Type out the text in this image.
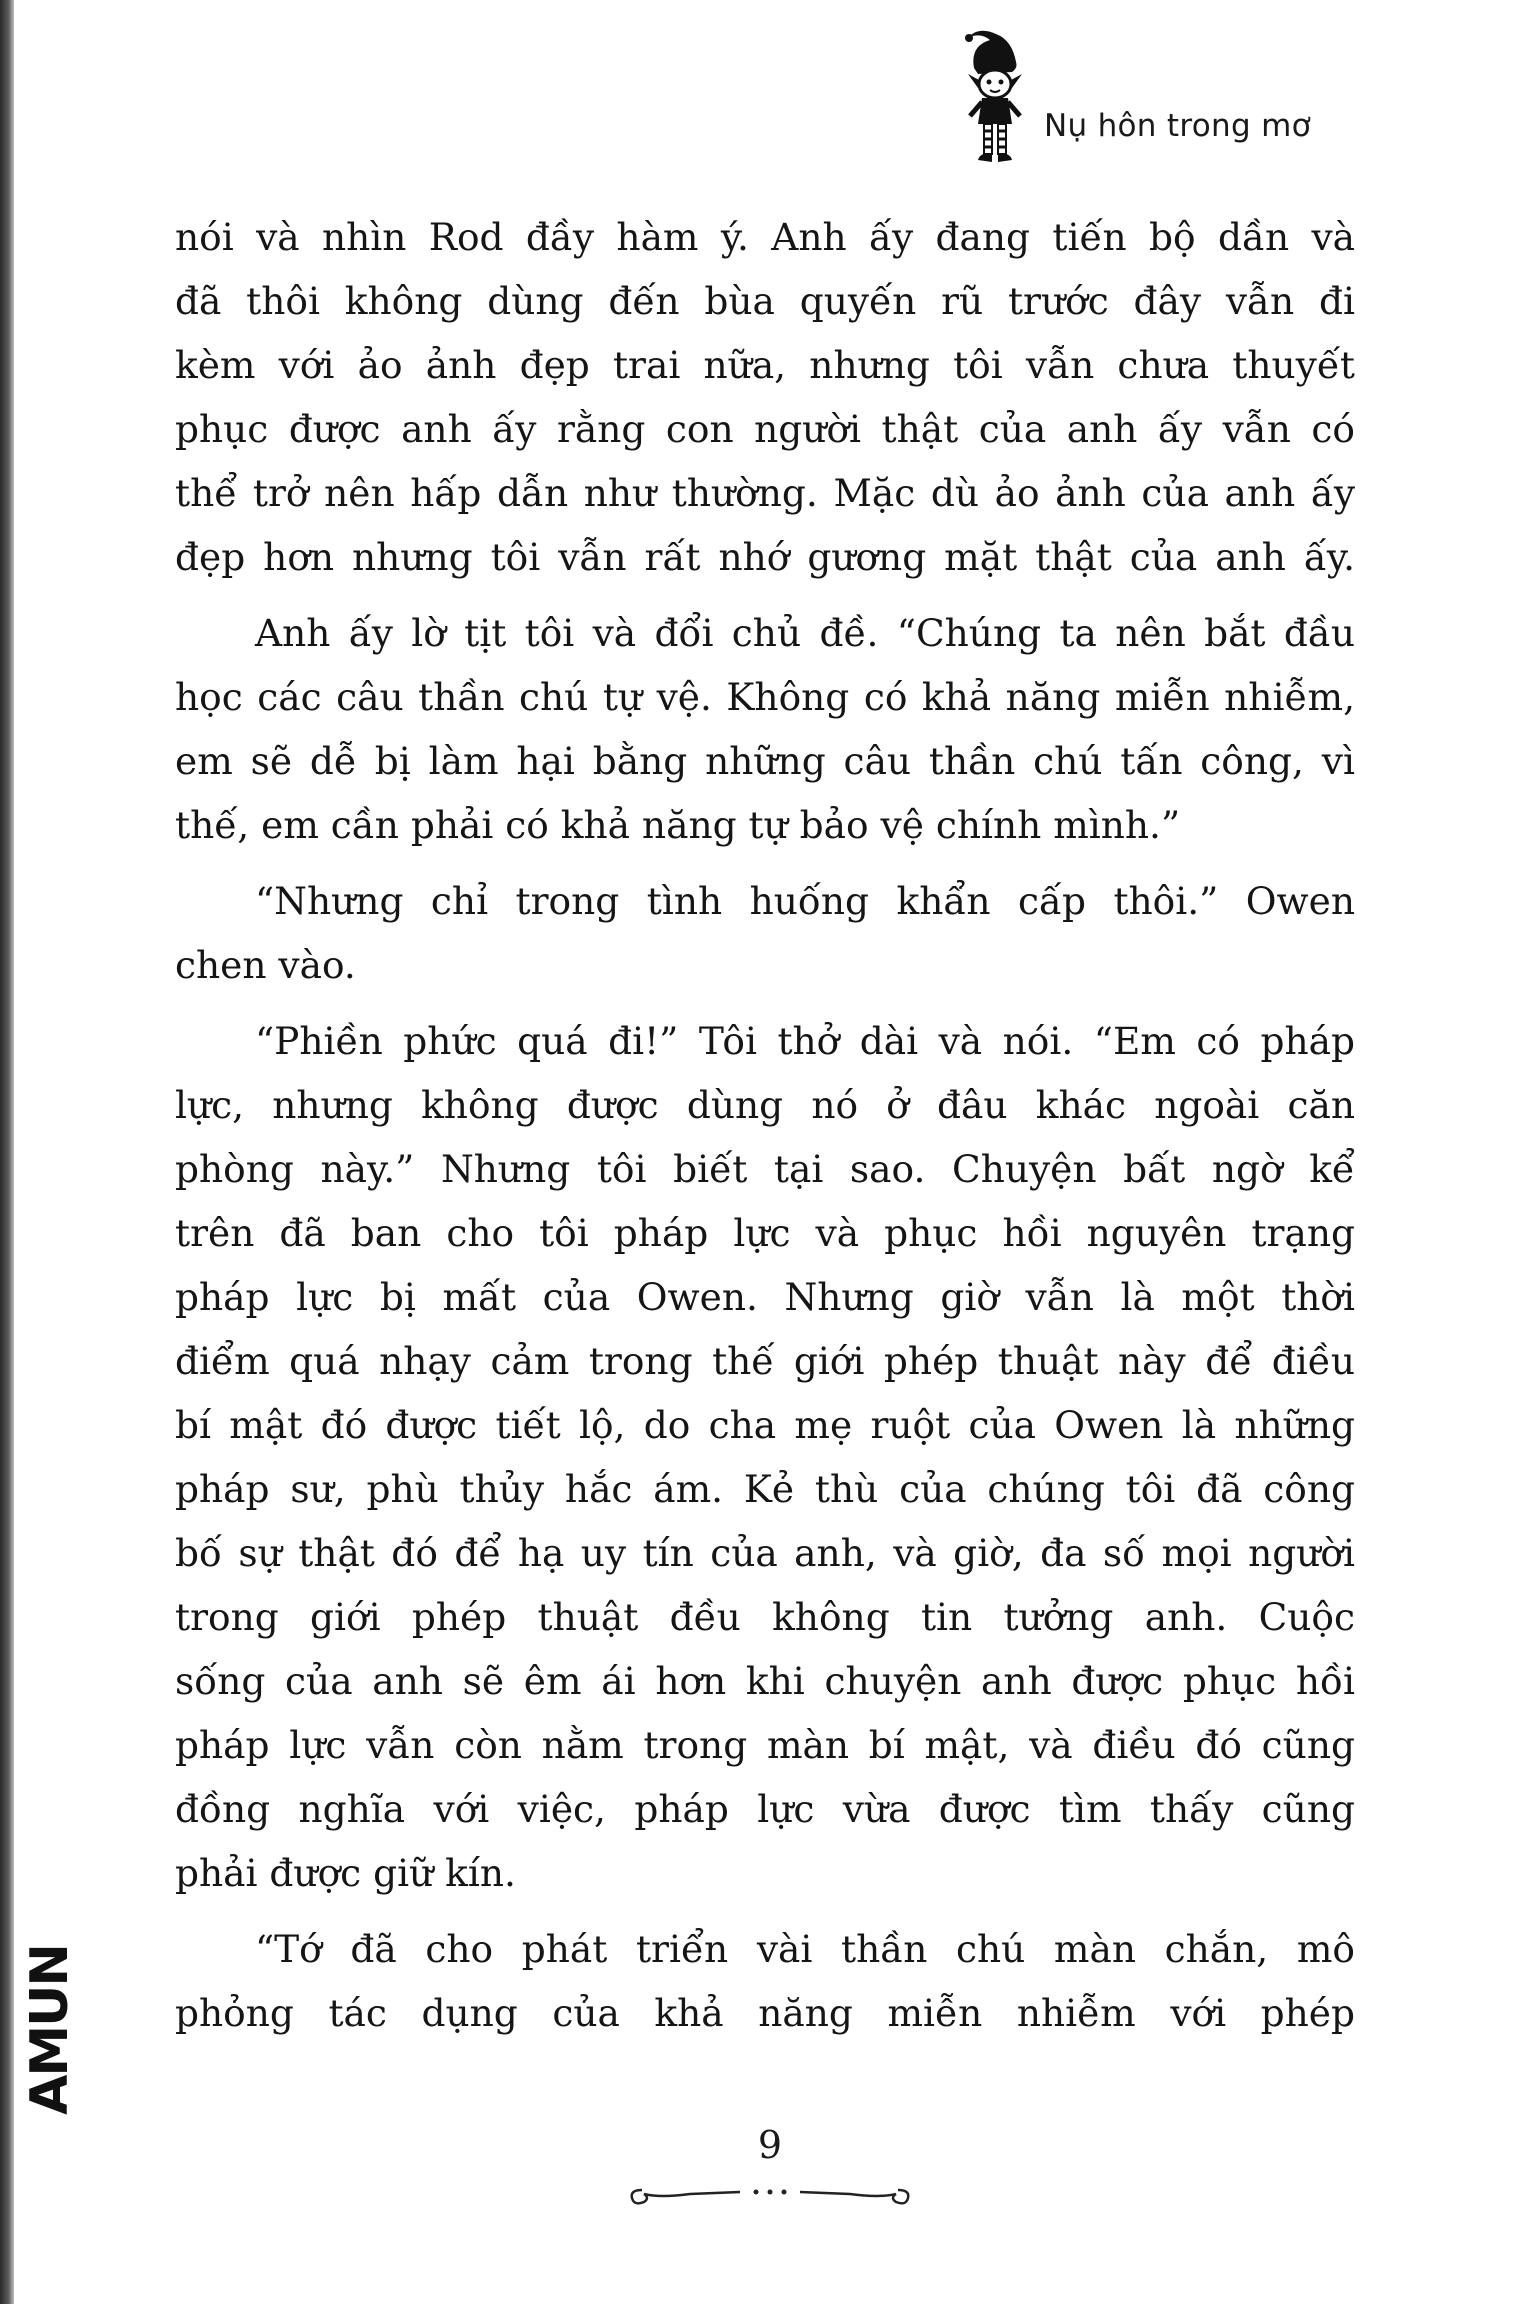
Nụ hôn trong mơ
nói và nhìn Rod đầy hàm ý. Anh ấy đang tiến bộ dần và
đã thôi không dùng đến bùa quyến rũ trước đây vẫn đi
kèm với ảo ảnh đẹp trai nữa, nhưng tôi vẫn chưa thuyết
phục được anh ấy rằng con người thật của anh ấy vẫn có
thể trở nên hấp dẫn như thường. Mặc dù ảo ảnh của anh ấy
đẹp hơn nhưng tôi vẫn rất nhớ gương mặt thật của anh ấy.
Anh ấy lờ tịt tôi và đổi chủ đề. “Chúng ta nên bắt đầu
học các câu thần chú tự vệ. Không có khả năng miễn nhiễm,
em sẽ dễ bị làm hại bằng những câu thần chú tấn công, vì
thế, em cần phải có khả năng tự bảo vệ chính mình.”
“Nhưng chỉ trong tình huống khẩn cấp thôi.” Owen
chen vào.
“Phiền phức quá đi!” Tôi thở dài và nói. “Em có pháp
lực, nhưng không được dùng nó ở đâu khác ngoài căn
phòng này.” Nhưng tôi biết tại sao. Chuyện bất ngờ kể
trên đã ban cho tôi pháp lực và phục hồi nguyên trạng
pháp lực bị mất của Owen. Nhưng giờ vẫn là một thời
điểm quá nhạy cảm trong thế giới phép thuật này để điều
bí mật đó được tiết lộ, do cha mẹ ruột của Owen là những
pháp sư, phù thủy hắc ám. Kẻ thù của chúng tôi đã công
bố sự thật đó để hạ uy tín của anh, và giờ, đa số mọi người
trong giới phép thuật đều không tin tưởng anh. Cuộc
sống của anh sẽ êm ái hơn khi chuyện anh được phục hồi
pháp lực vẫn còn nằm trong màn bí mật, và điều đó cũng
đồng nghĩa với việc, pháp lực vừa được tìm thấy cũng
phải được giữ kín.
“Tớ đã cho phát triển vài thần chú màn chắn, mô
phỏng tác dụng của khả năng miễn nhiễm với phép
AMUN
9
